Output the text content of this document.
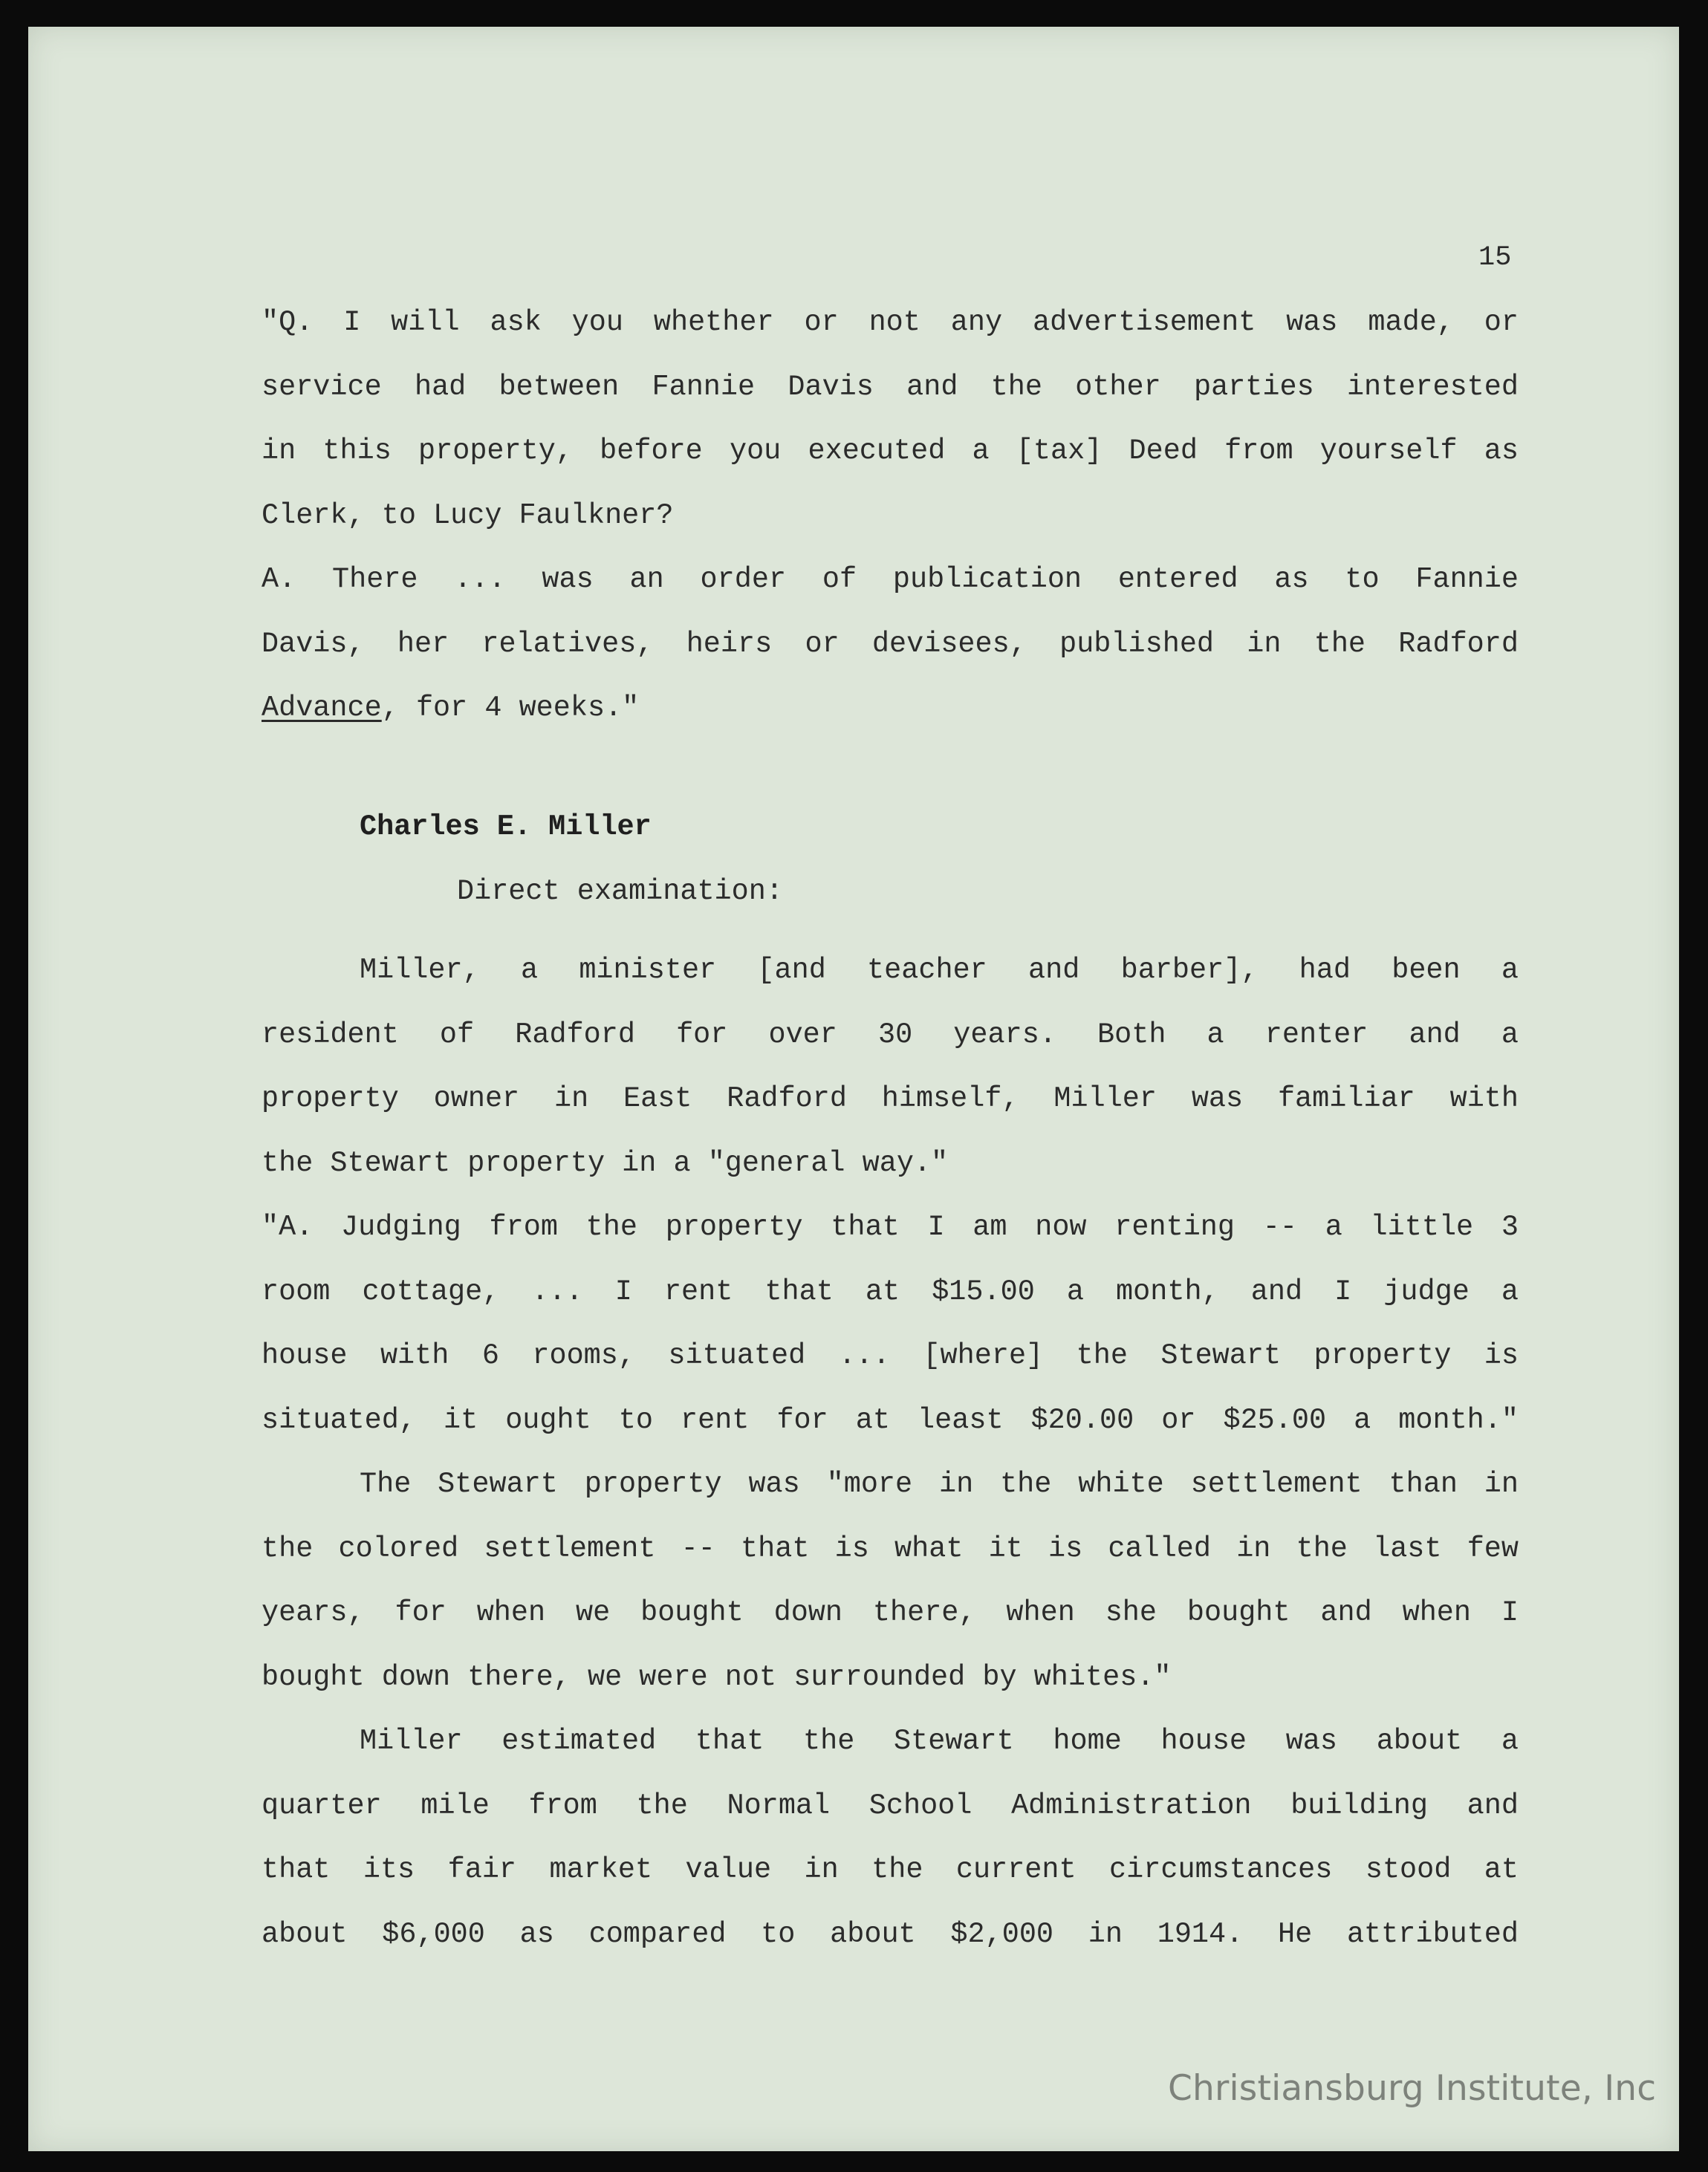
15
"Q. I will ask you whether or not any advertisement was made, or
service had between Fannie Davis and the other parties interested
in this property, before you executed a [tax] Deed from yourself as
Clerk, to Lucy Faulkner?
A. There ... was an order of publication entered as to Fannie
Davis, her relatives, heirs or devisees, published in the Radford
Advance, for 4 weeks."
Charles E. Miller
Direct examination:
Miller, a minister [and teacher and barber], had been a
resident of Radford for over 30 years. Both a renter and a
property owner in East Radford himself, Miller was familiar with
the Stewart property in a "general way."
"A. Judging from the property that I am now renting -- a little 3
room cottage, ... I rent that at $15.00 a month, and I judge a
house with 6 rooms, situated ... [where] the Stewart property is
situated, it ought to rent for at least $20.00 or $25.00 a month."
The Stewart property was "more in the white settlement than in
the colored settlement -- that is what it is called in the last few
years, for when we bought down there, when she bought and when I
bought down there, we were not surrounded by whites."
Miller estimated that the Stewart home house was about a
quarter mile from the Normal School Administration building and
that its fair market value in the current circumstances stood at
about $6,000 as compared to about $2,000 in 1914. He attributed
Christiansburg Institute, Inc
